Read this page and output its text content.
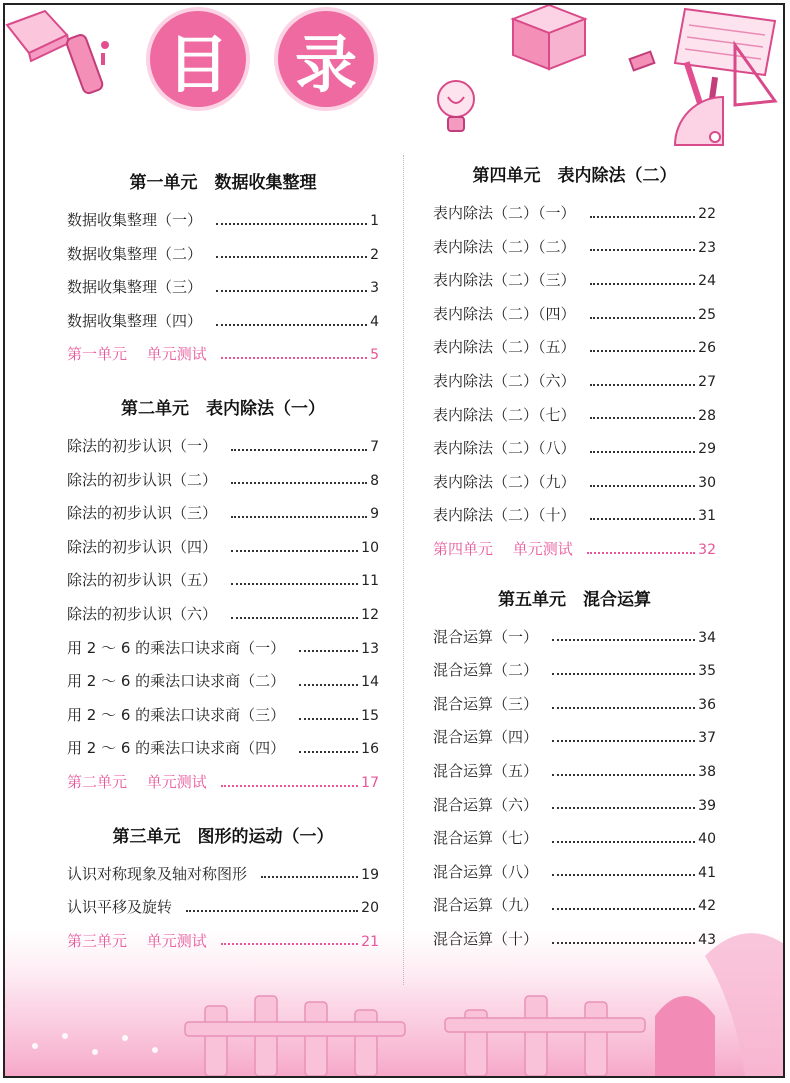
目 录
第一单元　数据收集整理
数据收集整理（一）	1
数据收集整理（二）	2
数据收集整理（三）	3
数据收集整理（四）	4
第一单元　 单元测试	5
第二单元　表内除法（一）
除法的初步认识（一）	7
除法的初步认识（二）	8
除法的初步认识（三）	9
除法的初步认识（四）	10
除法的初步认识（五）	11
除法的初步认识（六）	12
用 2 ～ 6 的乘法口诀求商（一）	13
用 2 ～ 6 的乘法口诀求商（二）	14
用 2 ～ 6 的乘法口诀求商（三）	15
用 2 ～ 6 的乘法口诀求商（四）	16
第二单元　 单元测试	17
第三单元　图形的运动（一）
认识对称现象及轴对称图形	19
认识平移及旋转	20
第三单元　 单元测试	21
第四单元　表内除法（二）
表内除法（二）（一）	22
表内除法（二）（二）	23
表内除法（二）（三）	24
表内除法（二）（四）	25
表内除法（二）（五）	26
表内除法（二）（六）	27
表内除法（二）（七）	28
表内除法（二）（八）	29
表内除法（二）（九）	30
表内除法（二）（十）	31
第四单元　 单元测试	32
第五单元　混合运算
混合运算（一）	34
混合运算（二）	35
混合运算（三）	36
混合运算（四）	37
混合运算（五）	38
混合运算（六）	39
混合运算（七）	40
混合运算（八）	41
混合运算（九）	42
混合运算（十）	43
